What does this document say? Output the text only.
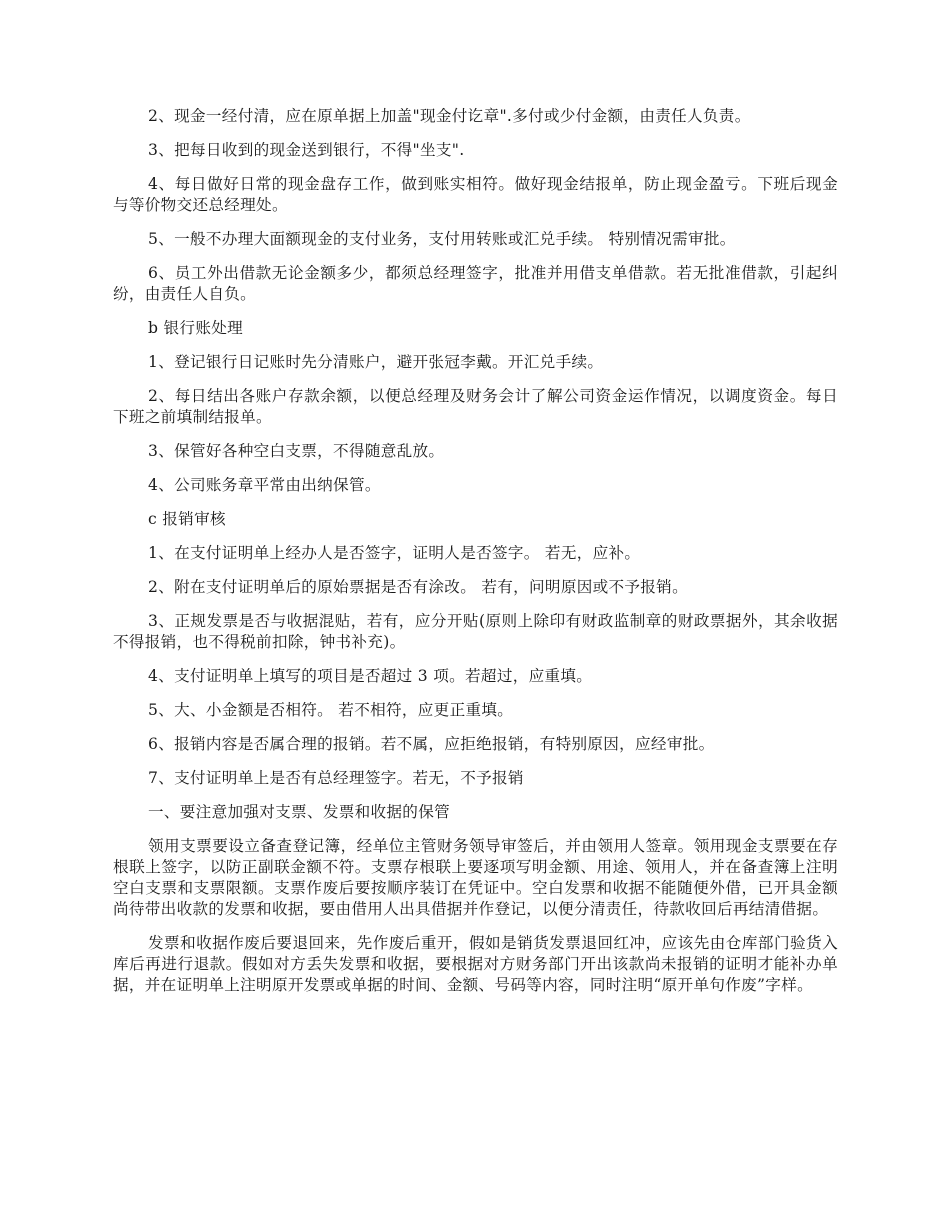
2、现金一经付清，应在原单据上加盖"现金付讫章".多付或少付金额，由责任人负责。

3、把每日收到的现金送到银行，不得"坐支".

4、每日做好日常的现金盘存工作，做到账实相符。做好现金结报单，防止现金盈亏。下班后现金与等价物交还总经理处。

5、一般不办理大面额现金的支付业务，支付用转账或汇兑手续。 特别情况需审批。

6、员工外出借款无论金额多少，都须总经理签字，批准并用借支单借款。若无批准借款，引起纠纷，由责任人自负。

b 银行账处理

1、登记银行日记账时先分清账户，避开张冠李戴。开汇兑手续。

2、每日结出各账户存款余额，以便总经理及财务会计了解公司资金运作情况，以调度资金。每日下班之前填制结报单。

3、保管好各种空白支票，不得随意乱放。

4、公司账务章平常由出纳保管。

c 报销审核

1、在支付证明单上经办人是否签字，证明人是否签字。 若无，应补。

2、附在支付证明单后的原始票据是否有涂改。 若有，问明原因或不予报销。

3、正规发票是否与收据混贴，若有，应分开贴(原则上除印有财政监制章的财政票据外，其余收据不得报销，也不得税前扣除，钟书补充)。

4、支付证明单上填写的项目是否超过 3 项。若超过，应重填。

5、大、小金额是否相符。 若不相符，应更正重填。

6、报销内容是否属合理的报销。若不属，应拒绝报销，有特别原因，应经审批。

7、支付证明单上是否有总经理签字。若无，不予报销

一、要注意加强对支票、发票和收据的保管

领用支票要设立备查登记簿，经单位主管财务领导审签后，并由领用人签章。领用现金支票要在存根联上签字，以防正副联金额不符。支票存根联上要逐项写明金额、用途、领用人，并在备查簿上注明空白支票和支票限额。支票作废后要按顺序装订在凭证中。空白发票和收据不能随便外借，已开具金额尚待带出收款的发票和收据，要由借用人出具借据并作登记，以便分清责任，待款收回后再结清借据。

发票和收据作废后要退回来，先作废后重开，假如是销货发票退回红冲，应该先由仓库部门验货入库后再进行退款。假如对方丢失发票和收据，要根据对方财务部门开出该款尚未报销的证明才能补办单据，并在证明单上注明原开发票或单据的时间、金额、号码等内容，同时注明“原开单句作废”字样。
